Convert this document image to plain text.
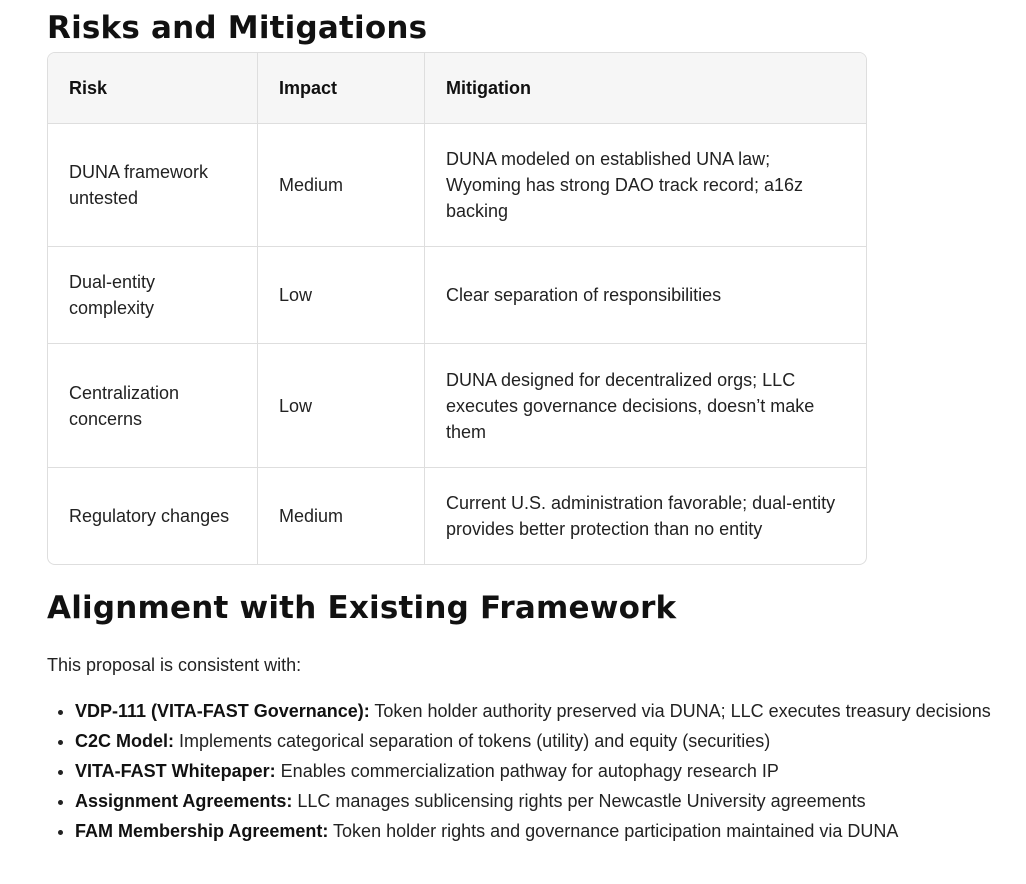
Risks and Mitigations
Risk	Impact	Mitigation
DUNA framework untested	Medium	DUNA modeled on established UNA law; Wyoming has strong DAO track record; a16z backing
Dual-entity complexity	Low	Clear separation of responsibilities
Centralization concerns	Low	DUNA designed for decentralized orgs; LLC executes governance decisions, doesn’t make them
Regulatory changes	Medium	Current U.S. administration favorable; dual-entity provides better protection than no entity
Alignment with Existing Framework

This proposal is consistent with:

• VDP-111 (VITA-FAST Governance): Token holder authority preserved via DUNA; LLC executes treasury decisions
• C2C Model: Implements categorical separation of tokens (utility) and equity (securities)
• VITA-FAST Whitepaper: Enables commercialization pathway for autophagy research IP
• Assignment Agreements: LLC manages sublicensing rights per Newcastle University agreements
• FAM Membership Agreement: Token holder rights and governance participation maintained via DUNA
